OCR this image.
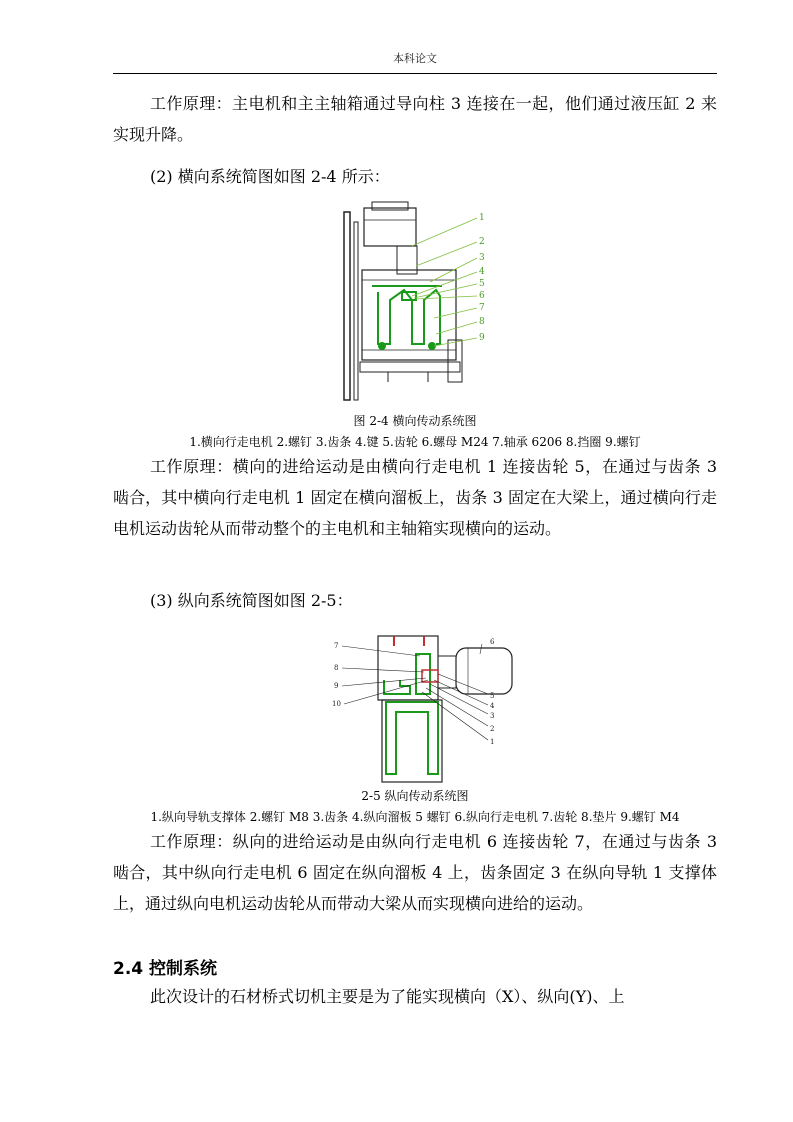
本科论文

工作原理：主电机和主主轴箱通过导向柱 3 连接在一起，他们通过液压缸 2 来实现升降。

(2) 横向系统简图如图 2-4 所示：
1
2
3
4
5
6
7
8
9
图 2-4 横向传动系统图
1.横向行走电机 2.螺钉 3.齿条 4.键 5.齿轮 6.螺母 M24 7.轴承 6206 8.挡圈 9.螺钉

工作原理：横向的进给运动是由横向行走电机 1 连接齿轮 5，在通过与齿条 3 啮合，其中横向行走电机 1 固定在横向溜板上，齿条 3 固定在大梁上，通过横向行走电机运动齿轮从而带动整个的主电机和主轴箱实现横向的运动。

(3) 纵向系统简图如图 2-5：
7
8
9
10
6
5
4
3
2
1
2-5 纵向传动系统图
1.纵向导轨支撑体 2.螺钉 M8 3.齿条 4.纵向溜板 5 螺钉 6.纵向行走电机 7.齿轮 8.垫片 9.螺钉 M4

工作原理：纵向的进给运动是由纵向行走电机 6 连接齿轮 7，在通过与齿条 3 啮合，其中纵向行走电机 6 固定在纵向溜板 4 上，齿条固定 3 在纵向导轨 1 支撑体上，通过纵向电机运动齿轮从而带动大梁从而实现横向进给的运动。

2.4 控制系统

此次设计的石材桥式切机主要是为了能实现横向（X）、纵向(Y)、上
